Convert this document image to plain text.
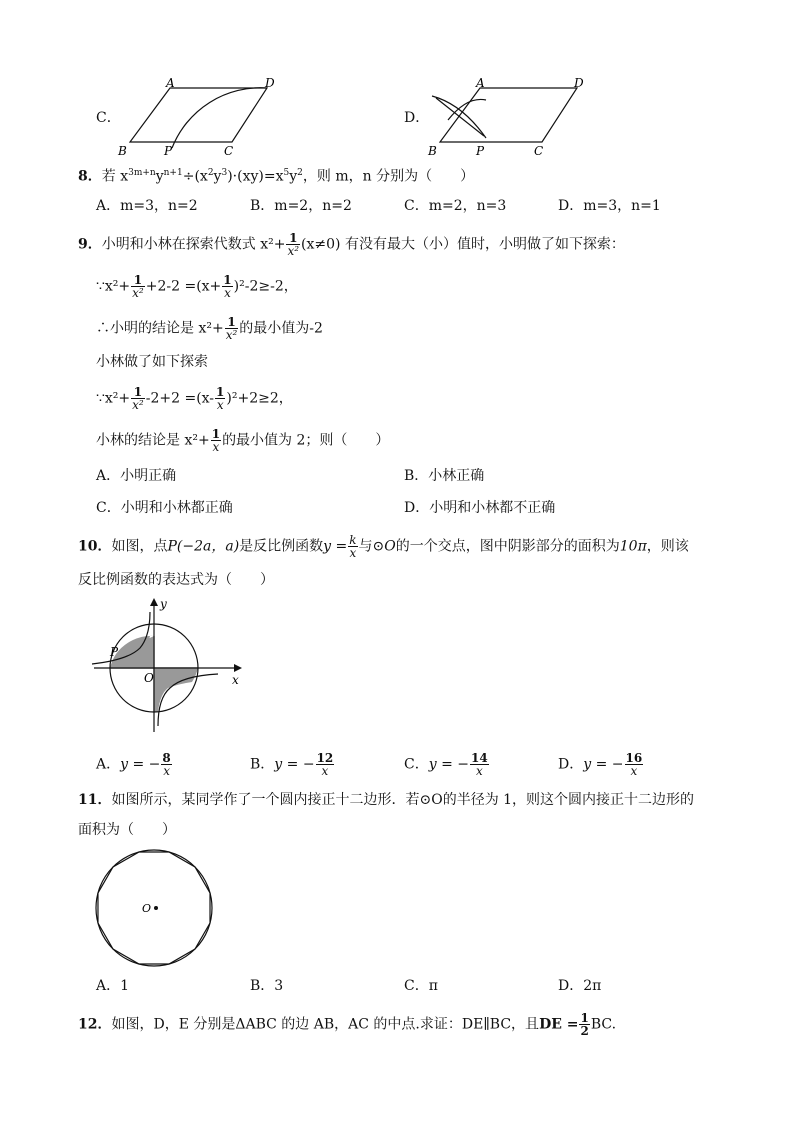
C．
A	D
B	P	C
D．
A	D
B	P	C
8．若 $x^{3m+n}y^{n+1}\div(x^2y^3)\cdot(xy)=x^5y^2$，则 m，n 分别为（　　）
A．m=3，n=2	B．m=2，n=2	C．m=2，n=3	D．m=3，n=1
9．小明和小林在探索代数式 $x^2+ \frac{1}{\text{x²}} (x\ne 0)$ 有没有最大（小）值时，小明做了如下探索：
∵x²+ $\frac{1}{\text{x²}} +2-2 =(x+ \frac{1}{x} )^2-2\ge-2$，
∴小明的结论是 $x^2+ \frac{1}{\text{x²}}$ 的最小值为-2
小林做了如下探索
∵x²+ $\frac{1}{\text{x²}} -2+2 =(x- \frac{1}{x} )^2+2\ge 2$，
小林的结论是 $x^2+ \frac{1}{x}$ 的最小值为 2；则（　　）
A．小明正确	B．小林正确
C．小明和小林都正确	D．小明和小林都不正确
10．如图，点P(−2a，a)是反比例函数$y = \frac{k}{x}$ 与⊙O的一个交点，图中阴影部分的面积为10π，则该
反比例函数的表达式为（　　）
y
x
O
P
A．y = − $\frac{8}{x}$	B．y = − $\frac{12}{x}$	C．y = − $\frac{14}{x}$	D．y = − $\frac{16}{x}$
11．如图所示，某同学作了一个圆内接正十二边形．若⊙O的半径为 1，则这个圆内接正十二边形的
面积为（　　）
O
A．1	B．3	C．π	D．2π
12．如图，D，E 分别是ΔABC 的边 AB，AC 的中点.求证：DE∥BC，且DE = $\frac{1}{2}$ BC.
